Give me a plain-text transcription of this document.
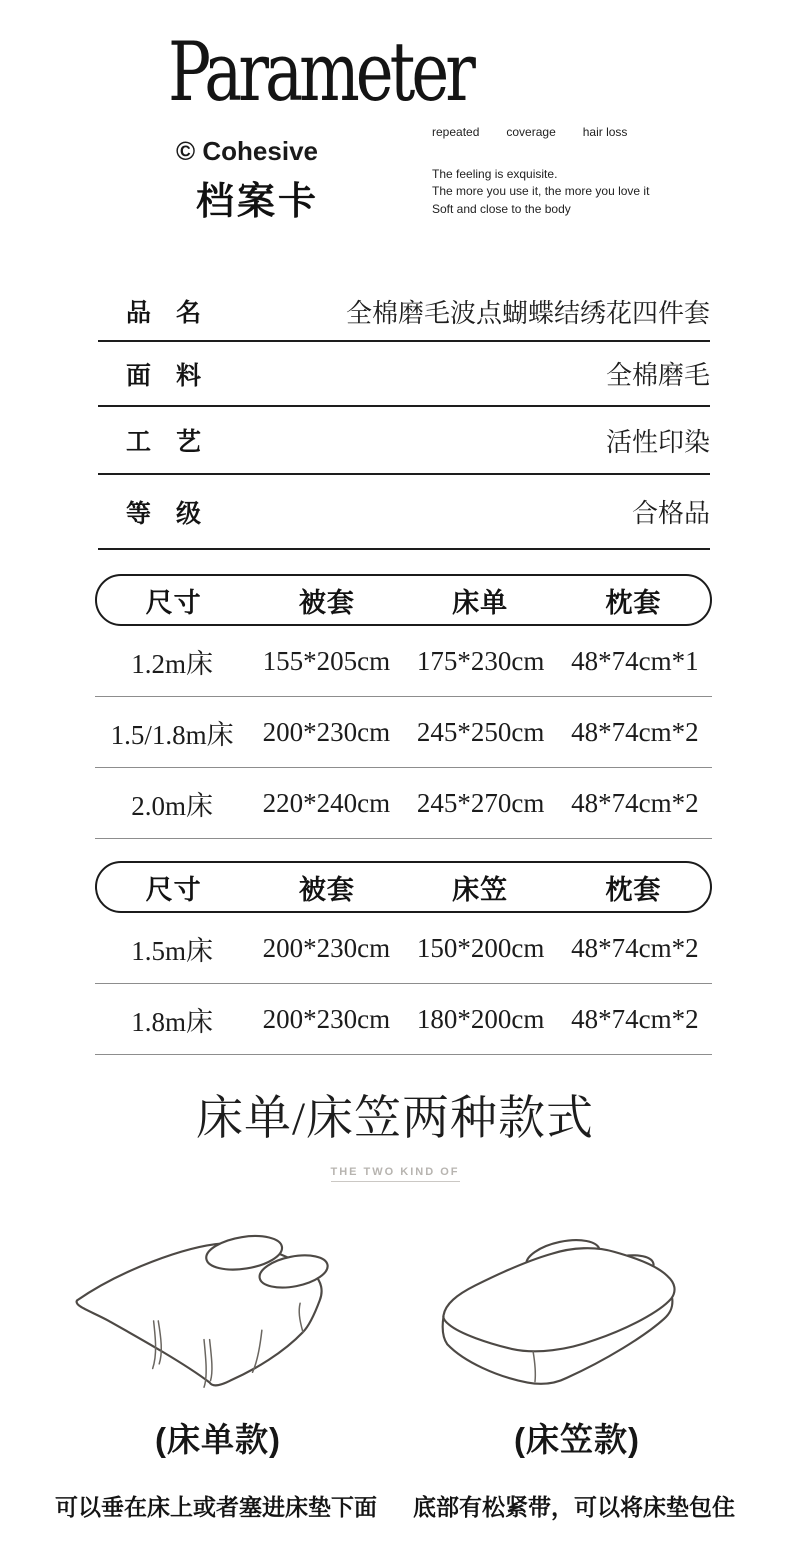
Parameter
© Cohesive
档案卡
repeated coverage hair loss
The feeling is exquisite.
The more you use it, the more you love it
Soft and close to the body
品　名	全棉磨毛波点蝴蝶结绣花四件套
面　料	全棉磨毛
工　艺	活性印染
等　级	合格品
尺寸	被套	床单	枕套
1.2m床	155*205cm 175*230cm 48*74cm*1
1.5/1.8m床	200*230cm 245*250cm 48*74cm*2
2.0m床	220*240cm 245*270cm 48*74cm*2
尺寸	被套	床笠	枕套
1.5m床	200*230cm 150*200cm 48*74cm*2
1.8m床	200*230cm 180*200cm 48*74cm*2
床单/床笠两种款式
THE TWO KIND OF
(床单款)	(床笠款)
可以垂在床上或者塞进床垫下面 底部有松紧带，可以将床垫包住
